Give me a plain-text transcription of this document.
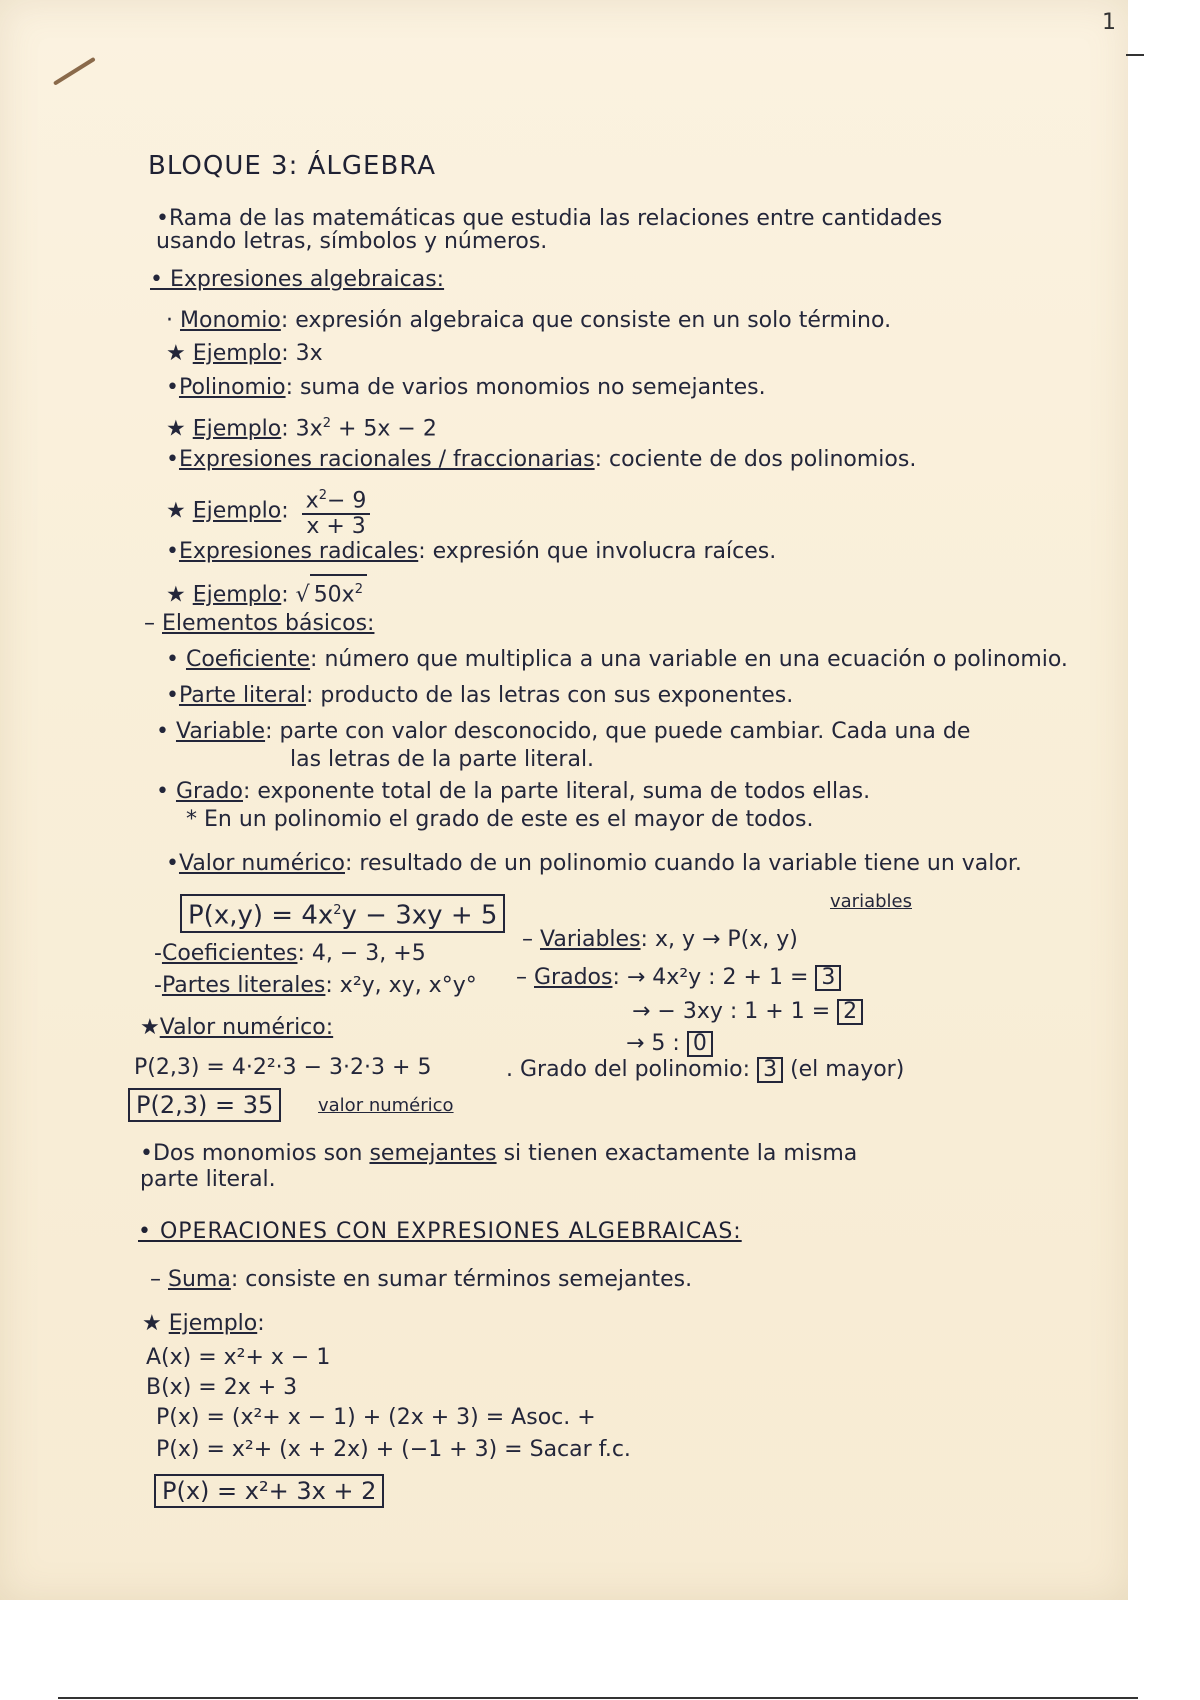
1
BLOQUE 3: ÁLGEBRA
•Rama de las matemáticas que estudia las relaciones entre cantidades
usando letras, símbolos y números.
• Expresiones algebraicas:
· Monomio: expresión algebraica que consiste en un solo término.
★ Ejemplo: 3x
•Polinomio: suma de varios monomios no semejantes.
★ Ejemplo: $3x^2 + 5x - 2$
•Expresiones racionales / fraccionarias: cociente de dos polinomios.
★ Ejemplo: $\frac{x^2- 9}{x + 3}$
•Expresiones radicales: expresión que involucra raíces.
★ Ejemplo: √ $50x^2$
– Elementos básicos:
• Coeficiente: número que multiplica a una variable en una ecuación o polinomio.
•Parte literal: producto de las letras con sus exponentes.
• Variable: parte con valor desconocido, que puede cambiar. Cada una de
las letras de la parte literal.
• Grado: exponente total de la parte literal, suma de todos ellas.
* En un polinomio el grado de este es el mayor de todos.
•Valor numérico: resultado de un polinomio cuando la variable tiene un valor.
variables
$P(x,y) = 4x^2y - 3xy + 5$
-Coeficientes: 4, − 3, +5
-Partes literales: x²y, xy, x°y°
– Variables: x, y → P(x, y)
– Grados: → 4x²y : 2 + 1 = 3
→ − 3xy : 1 + 1 = 2
→ 5 : 0
★Valor numérico:
P(2,3) = 4·2²·3 − 3·2·3 + 5	. Grado del polinomio: 3 (el mayor)
P(2,3) = 35	valor numérico
•Dos monomios son semejantes si tienen exactamente la misma
parte literal.
• OPERACIONES CON EXPRESIONES ALGEBRAICAS:
– Suma: consiste en sumar términos semejantes.
★ Ejemplo:
A(x) = x²+ x − 1
B(x) = 2x + 3
P(x) = (x²+ x − 1) + (2x + 3) = Asoc. +
P(x) = x²+ (x + 2x) + (−1 + 3) = Sacar f.c.
P(x) = x²+ 3x + 2
